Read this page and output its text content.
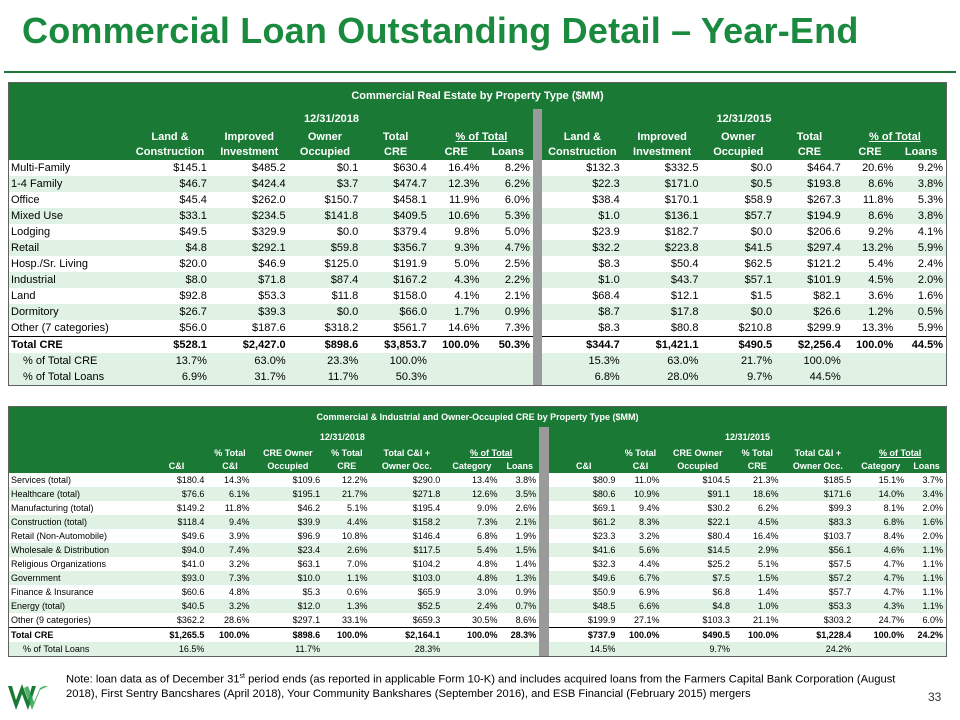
Commercial Loan Outstanding Detail – Year-End
Commercial Real Estate by Property Type ($MM)													
	12/31/2018							12/31/2015					
	Land &	Improved	Owner	Total	% of Total			Land &	Improved	Owner	Total	% of Total	
	Construction	Investment	Occupied	CRE	CRE	Loans		Construction	Investment	Occupied	CRE	CRE	Loans
Multi-Family	$145.1	$485.2	$0.1	$630.4	16.4%	8.2%		$132.3	$332.5	$0.0	$464.7	20.6%	9.2%
1-4 Family	$46.7	$424.4	$3.7	$474.7	12.3%	6.2%		$22.3	$171.0	$0.5	$193.8	8.6%	3.8%
Office	$45.4	$262.0	$150.7	$458.1	11.9%	6.0%		$38.4	$170.1	$58.9	$267.3	11.8%	5.3%
Mixed Use	$33.1	$234.5	$141.8	$409.5	10.6%	5.3%		$1.0	$136.1	$57.7	$194.9	8.6%	3.8%
Lodging	$49.5	$329.9	$0.0	$379.4	9.8%	5.0%		$23.9	$182.7	$0.0	$206.6	9.2%	4.1%
Retail	$4.8	$292.1	$59.8	$356.7	9.3%	4.7%		$32.2	$223.8	$41.5	$297.4	13.2%	5.9%
Hosp./Sr. Living	$20.0	$46.9	$125.0	$191.9	5.0%	2.5%		$8.3	$50.4	$62.5	$121.2	5.4%	2.4%
Industrial	$8.0	$71.8	$87.4	$167.2	4.3%	2.2%		$1.0	$43.7	$57.1	$101.9	4.5%	2.0%
Land	$92.8	$53.3	$11.8	$158.0	4.1%	2.1%		$68.4	$12.1	$1.5	$82.1	3.6%	1.6%
Dormitory	$26.7	$39.3	$0.0	$66.0	1.7%	0.9%		$8.7	$17.8	$0.0	$26.6	1.2%	0.5%
Other (7 categories)	$56.0	$187.6	$318.2	$561.7	14.6%	7.3%		$8.3	$80.8	$210.8	$299.9	13.3%	5.9%
Total CRE	$528.1	$2,427.0	$898.6	$3,853.7	100.0%	50.3%		$344.7	$1,421.1	$490.5	$2,256.4	100.0%	44.5%
% of Total CRE	13.7%	63.0%	23.3%	100.0%				15.3%	63.0%	21.7%	100.0%		
% of Total Loans	6.9%	31.7%	11.7%	50.3%				6.8%	28.0%	9.7%	44.5%		
Commercial & Industrial and Owner-Occupied CRE by Property Type ($MM)															
	12/31/2018								12/31/2015						
		% Total	CRE Owner	% Total	Total C&I +	% of Total				% Total	CRE Owner	% Total	Total C&I +	% of Total	
	C&I	C&I	Occupied	CRE	Owner Occ.	Category	Loans		C&I	C&I	Occupied	CRE	Owner Occ.	Category	Loans
Services (total)	$180.4	14.3%	$109.6	12.2%	$290.0	13.4%	3.8%		$80.9	11.0%	$104.5	21.3%	$185.5	15.1%	3.7%
Healthcare (total)	$76.6	6.1%	$195.1	21.7%	$271.8	12.6%	3.5%		$80.6	10.9%	$91.1	18.6%	$171.6	14.0%	3.4%
Manufacturing (total)	$149.2	11.8%	$46.2	5.1%	$195.4	9.0%	2.6%		$69.1	9.4%	$30.2	6.2%	$99.3	8.1%	2.0%
Construction (total)	$118.4	9.4%	$39.9	4.4%	$158.2	7.3%	2.1%		$61.2	8.3%	$22.1	4.5%	$83.3	6.8%	1.6%
Retail (Non-Automobile)	$49.6	3.9%	$96.9	10.8%	$146.4	6.8%	1.9%		$23.3	3.2%	$80.4	16.4%	$103.7	8.4%	2.0%
Wholesale & Distribution	$94.0	7.4%	$23.4	2.6%	$117.5	5.4%	1.5%		$41.6	5.6%	$14.5	2.9%	$56.1	4.6%	1.1%
Religious Organizations	$41.0	3.2%	$63.1	7.0%	$104.2	4.8%	1.4%		$32.3	4.4%	$25.2	5.1%	$57.5	4.7%	1.1%
Government	$93.0	7.3%	$10.0	1.1%	$103.0	4.8%	1.3%		$49.6	6.7%	$7.5	1.5%	$57.2	4.7%	1.1%
Finance & Insurance	$60.6	4.8%	$5.3	0.6%	$65.9	3.0%	0.9%		$50.9	6.9%	$6.8	1.4%	$57.7	4.7%	1.1%
Energy (total)	$40.5	3.2%	$12.0	1.3%	$52.5	2.4%	0.7%		$48.5	6.6%	$4.8	1.0%	$53.3	4.3%	1.1%
Other (9 categories)	$362.2	28.6%	$297.1	33.1%	$659.3	30.5%	8.6%		$199.9	27.1%	$103.3	21.1%	$303.2	24.7%	6.0%
Total CRE	$1,265.5	100.0%	$898.6	100.0%	$2,164.1	100.0%	28.3%		$737.9	100.0%	$490.5	100.0%	$1,228.4	100.0%	24.2%
% of Total Loans	16.5%		11.7%		28.3%				14.5%		9.7%		24.2%		
Note: loan data as of December 31st period ends (as reported in applicable Form 10-K) and includes acquired loans from the Farmers Capital Bank Corporation (August 2018), First Sentry Bancshares (April 2018), Your Community Bankshares (September 2016), and ESB Financial (February 2015) mergers	33
